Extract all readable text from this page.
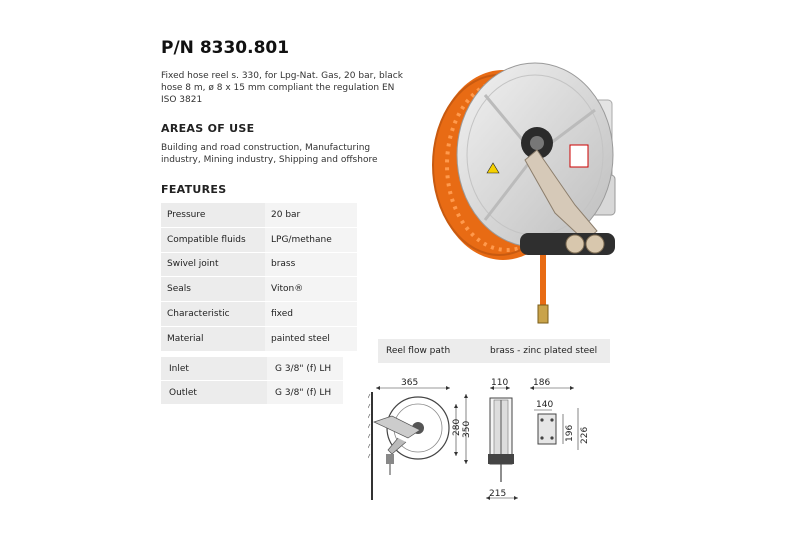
P/N 8330.801
Fixed hose reel s. 330, for Lpg-Nat. Gas, 20 bar, black hose 8 m, ø 8 x 15 mm compliant the regulation EN ISO 3821
AREAS OF USE
Building and road construction, Manufacturing industry, Mining industry, Shipping and offshore
FEATURES
Pressure	20 bar
Compatible fluids	LPG/methane
Swivel joint	brass
Seals	Viton®
Characteristic	fixed
Material	painted steel
Inlet	G 3/8" (f) LH
Outlet	G 3/8" (f) LH
Reel flow path	brass - zinc plated steel
365
280 350
110
215
186
140
196 226
